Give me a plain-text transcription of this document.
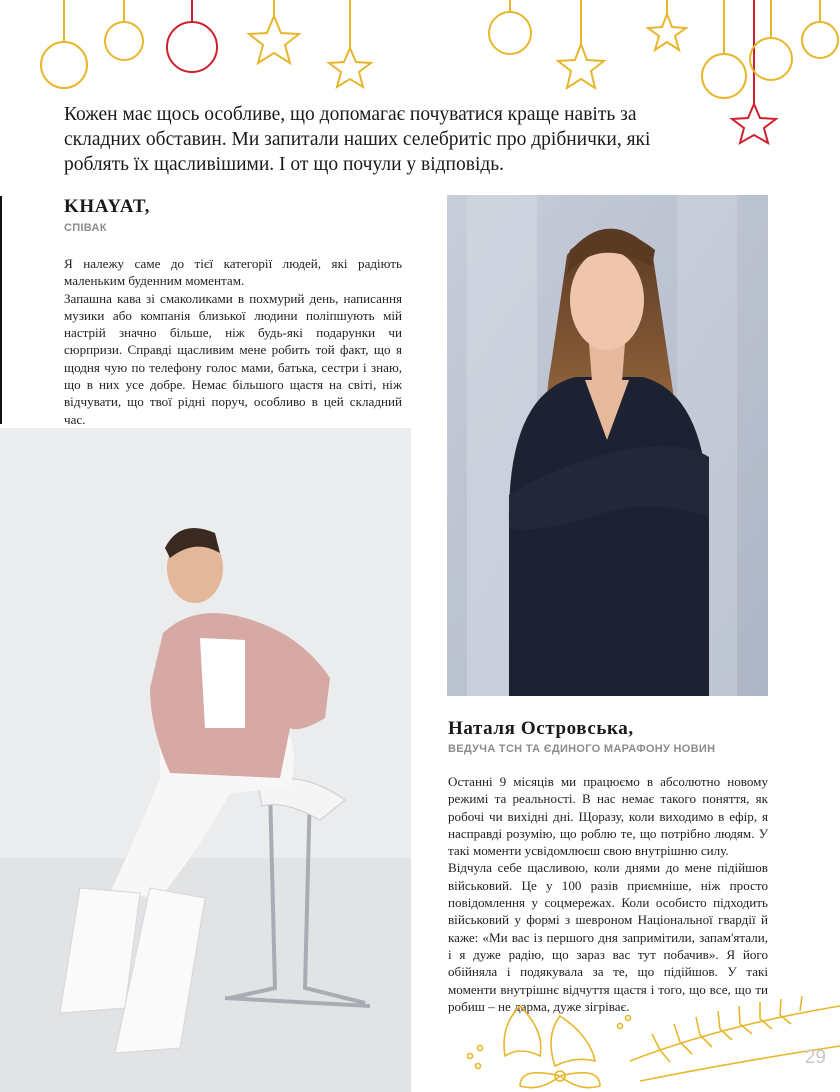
Кожен має щось особливе, що допомагає почуватися краще навіть за складних обставин. Ми запитали наших селебритіс про дрібнички, які роблять їх щасливішими. І от що почули у відповідь.

KHAYAT,

СПІВАК

Я належу саме до тієї категорії людей, які радіють маленьким буденним моментам.

Запашна кава зі смаколиками в похмурий день, написання музики або компанія близької людини поліпшують мій настрій значно більше, ніж будь-які подарунки чи сюрпризи. Справді щасливим мене робить той факт, що я щодня чую по телефону голос мами, батька, сестри і знаю, що в них усе добре. Немає більшого щастя на світі, ніж відчувати, що твої рідні поруч, особливо в цей складний час.

Наталя Островська,

ВЕДУЧА ТСН ТА ЄДИНОГО МАРАФОНУ НОВИН

Останні 9 місяців ми працюємо в абсолютно новому режимі та реальності. В нас немає такого поняття, як робочі чи вихідні дні. Щоразу, коли виходимо в ефір, я насправді розумію, що роблю те, що потрібно людям. У такі моменти усвідомлюєш свою внутрішню силу.

Відчула себе щасливою, коли днями до мене підійшов військовий. Це у 100 разів приємніше, ніж просто повідомлення у соцмережах. Коли особисто підходить військовий у формі з шевроном Національної гвардії й каже: «Ми вас із першого дня запримітили, запам'ятали, і я дуже радію, що зараз вас тут побачив». Я його обійняла і подякувала за те, що підійшов. У такі моменти внутрішнє відчуття щастя і того, що все, що ти робиш – не дарма, дуже зігріває.

29
